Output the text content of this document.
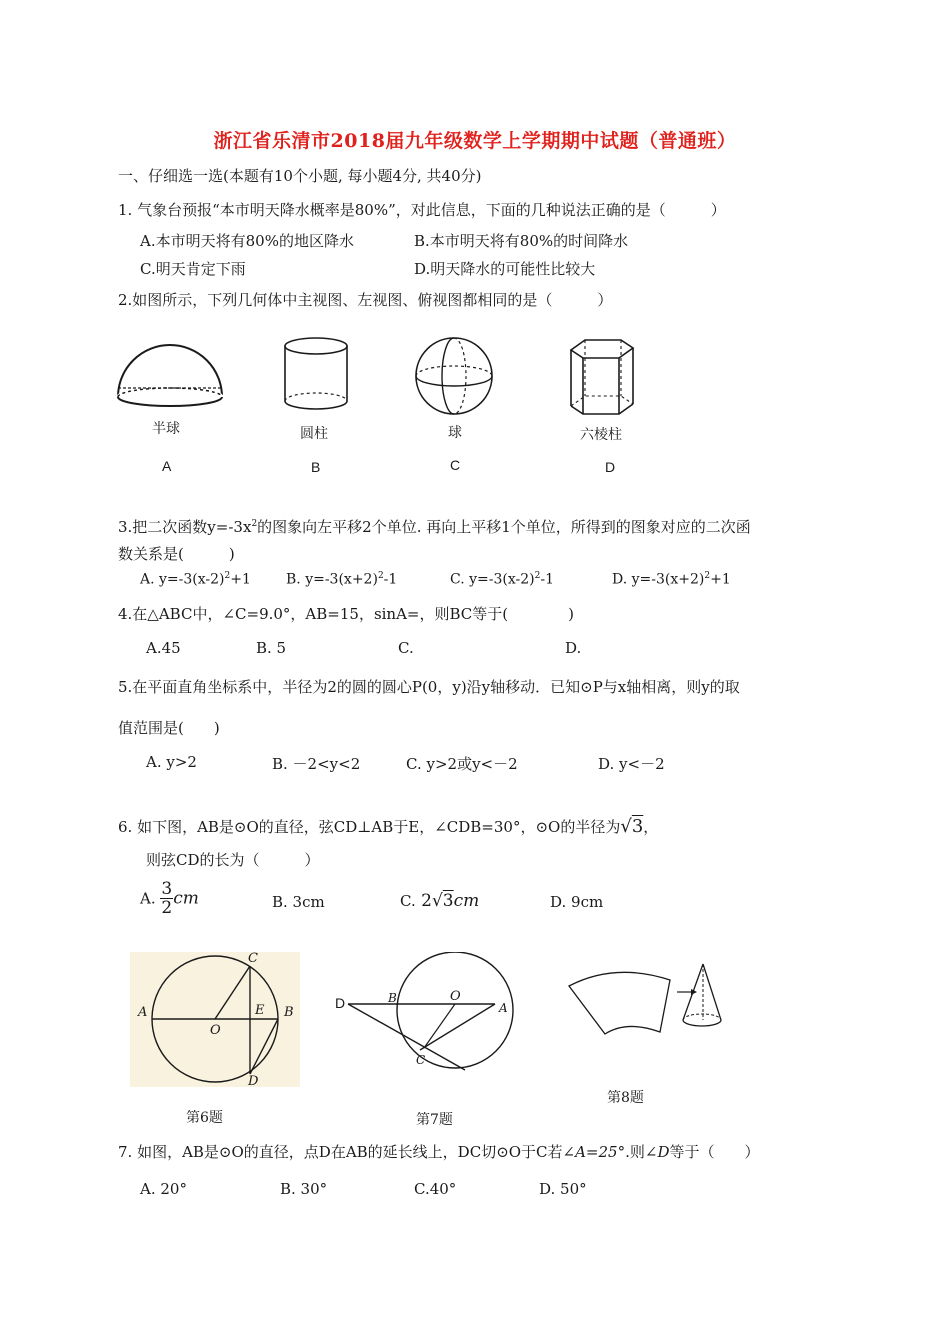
浙江省乐清市2018届九年级数学上学期期中试题（普通班）
一、仔细选一选(本题有10个小题, 每小题4分, 共40分)
1. 气象台预报“本市明天降水概率是80%”，对此信息，下面的几种说法正确的是（　　　）
A.本市明天将有80%的地区降水	B.本市明天将有80%的时间降水
C.明天肯定下雨	D.明天降水的可能性比较大
2.如图所示，下列几何体中主视图、左视图、俯视图都相同的是（　　　）
半球
A
圆柱
B
球
C
六棱柱
D
3.把二次函数$y=-3x^2$的图象向左平移2个单位. 再向上平移1个单位，所得到的图象对应的二次函
数关系是(　　　)
A. $y=-3(x-2)^2+1$	B. $y=-3(x+2)^2-1$	C. $y=-3(x-2)^2-1$	D. $y=-3(x+2)^2+1$
4.在△ABC中，∠C=9.0°，AB=15，sinA=，则BC等于(　　　　)
A.45	B. 5	C.	D.
5.在平面直角坐标系中，半径为2的圆的圆心P(0，y)沿y轴移动．已知⊙P与x轴相离，则y的取
值范围是(　　)
A. y>2	B. －2<y<2	C. y>2或y<－2	D. y<－2
6. 如下图，AB是⊙O的直径，弦CD⊥AB于E，∠CDB=30°，⊙O的半径为√3，
则弦CD的长为（　　　）
A. $\frac{3}{2}$ cm	B. 3cm	C. 2√3cm	D. 9cm
A	B
C
D
E
O
第6题
D	B	O
A
C
第7题
第8题
7. 如图，AB是⊙O的直径，点D在AB的延长线上，DC切⊙O于C若∠A=25°.则∠D等于（　　）
A. 20°	B. 30°	C.40°	D. 50°
